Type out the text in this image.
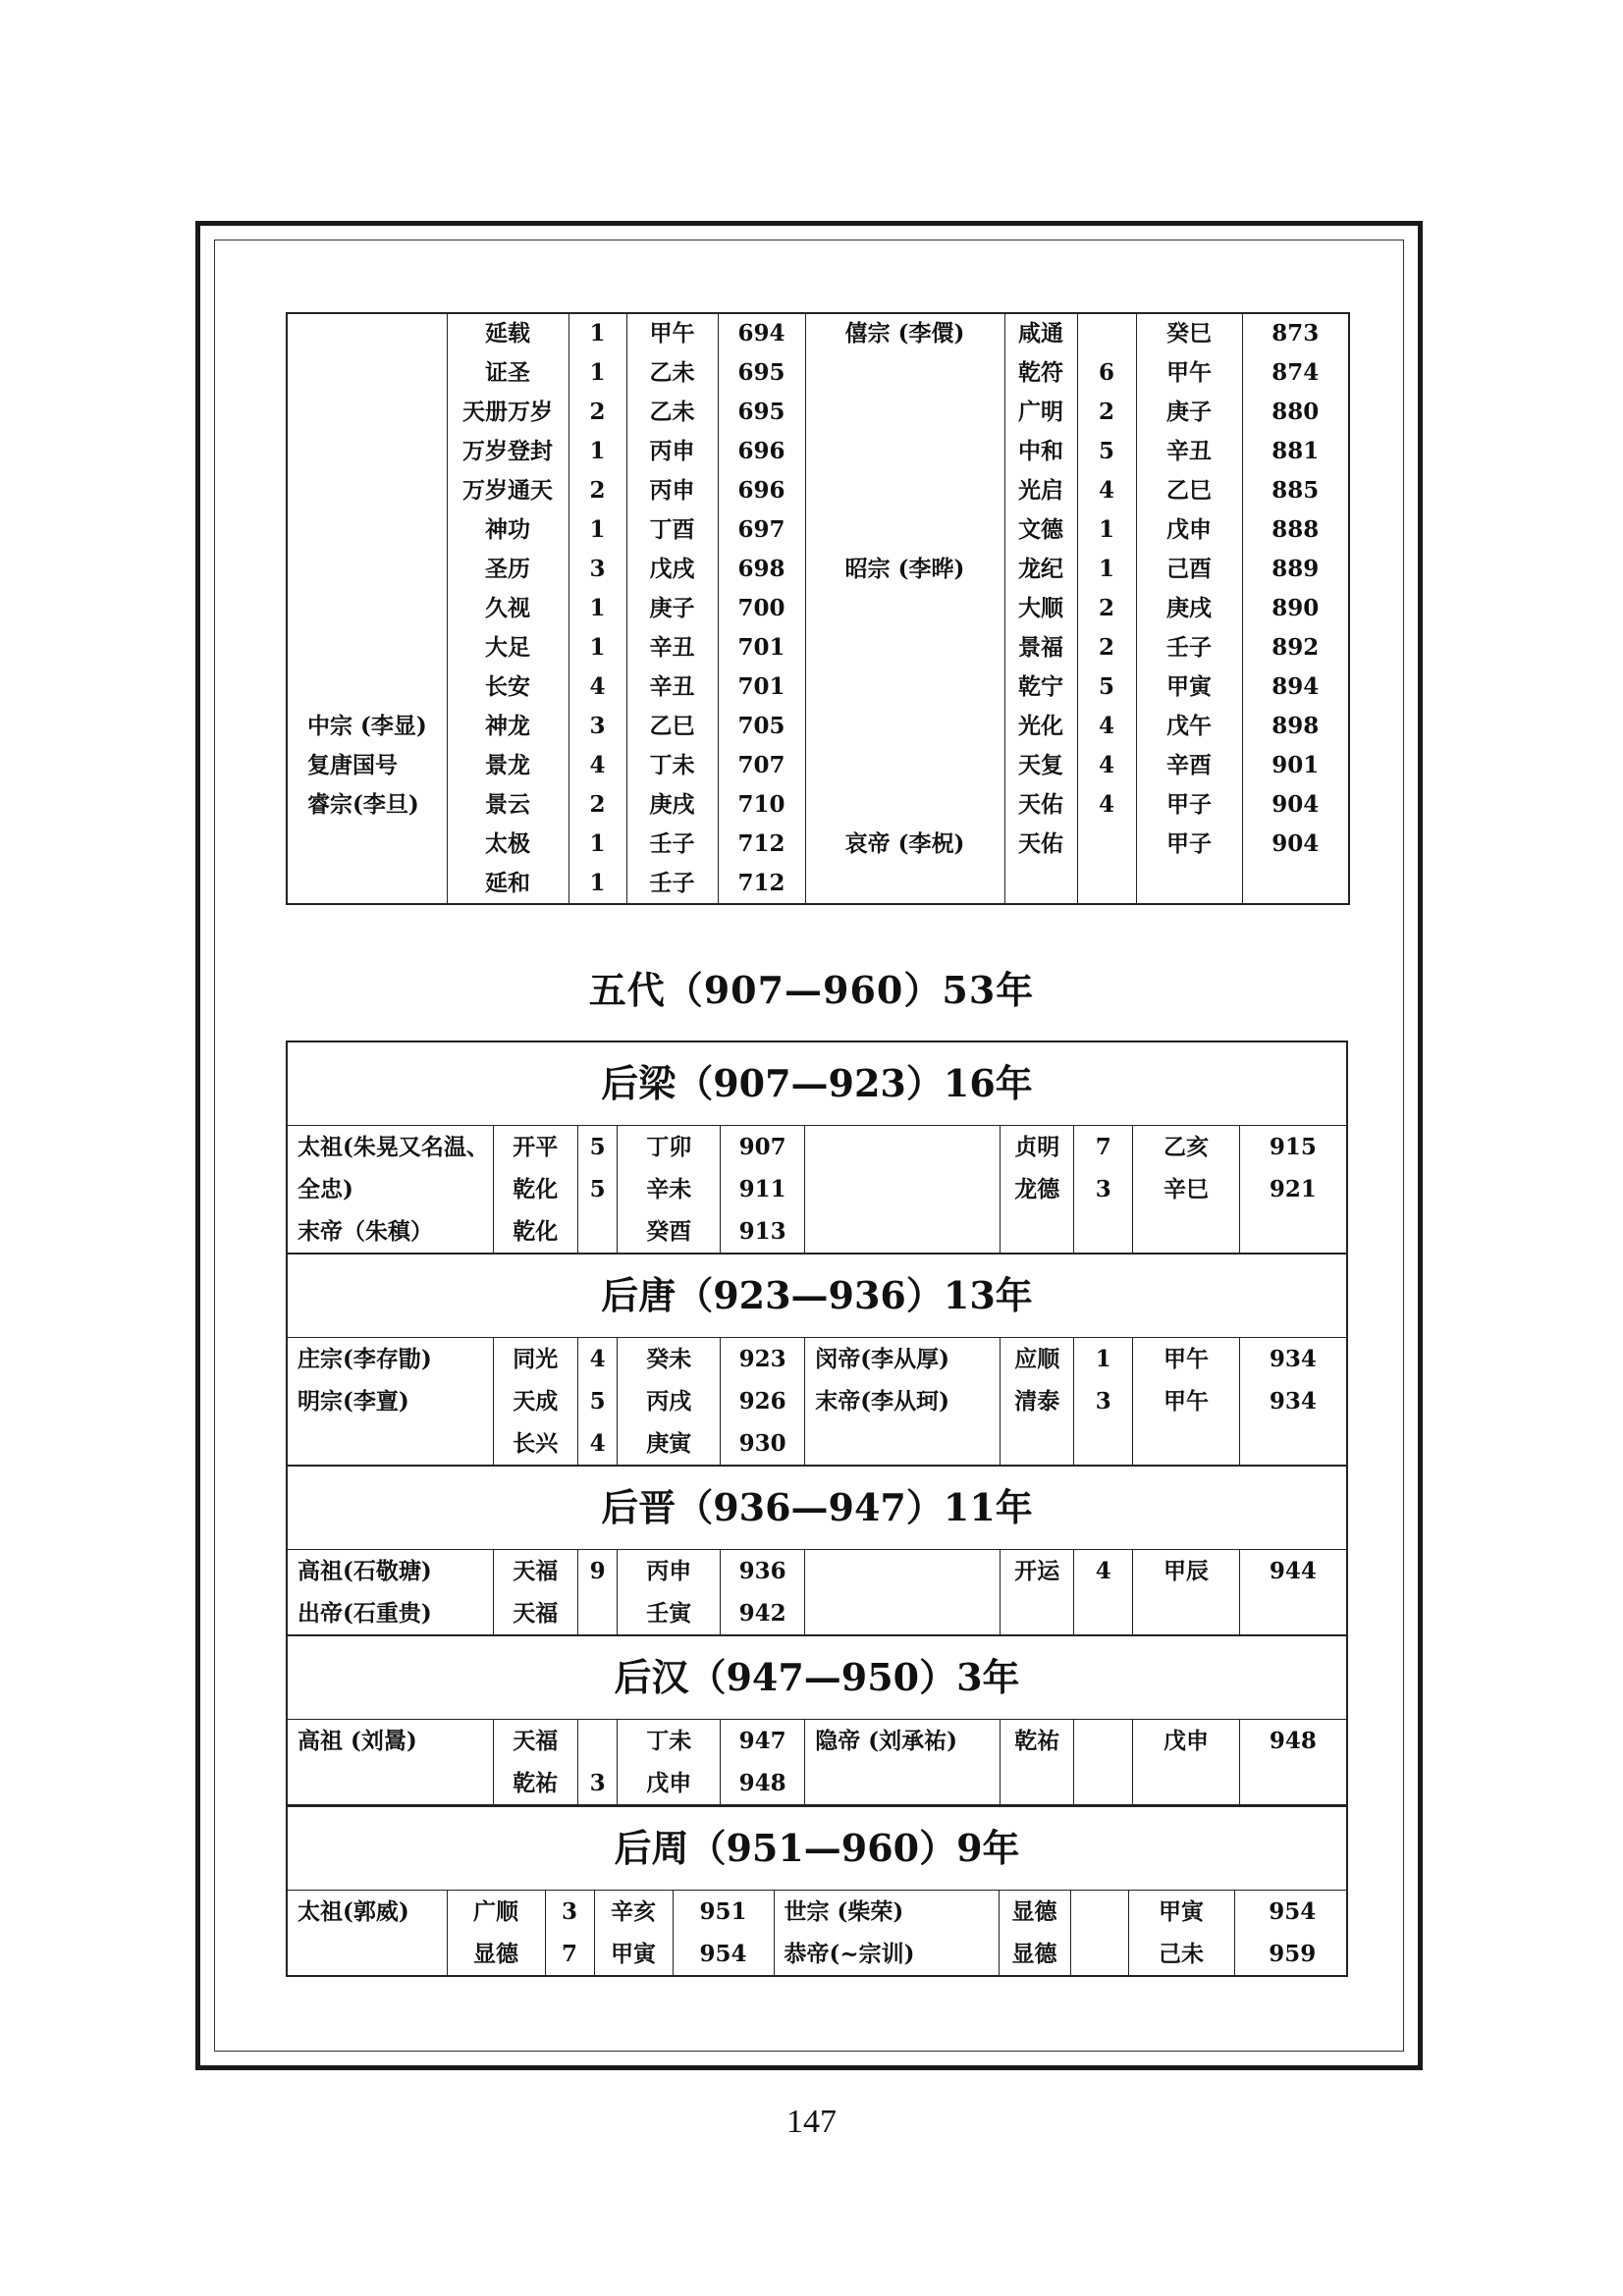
	延载	1	甲午	694	僖宗 (李儇)	咸通		癸巳	873
	证圣	1	乙未	695		乾符	6	甲午	874
	天册万岁	2	乙未	695		广明	2	庚子	880
	万岁登封	1	丙申	696		中和	5	辛丑	881
	万岁通天	2	丙申	696		光启	4	乙巳	885
	神功	1	丁酉	697		文德	1	戊申	888
	圣历	3	戊戌	698	昭宗 (李晔)	龙纪	1	己酉	889
	久视	1	庚子	700		大顺	2	庚戌	890
	大足	1	辛丑	701		景福	2	壬子	892
	长安	4	辛丑	701		乾宁	5	甲寅	894
中宗 (李显)	神龙	3	乙巳	705		光化	4	戊午	898
复唐国号	景龙	4	丁未	707		天复	4	辛酉	901
睿宗(李旦)	景云	2	庚戌	710		天佑	4	甲子	904
	太极	1	壬子	712	哀帝 (李柷)	天佑		甲子	904
	延和	1	壬子	712					
五代（907—960）53年
后梁（907—923）16年
太祖(朱晃又名温、	开平	5	丁卯	907		贞明	7	乙亥	915
全忠)	乾化	5	辛未	911		龙德	3	辛巳	921
末帝（朱稹）	乾化		癸酉	913					
后唐（923—936）13年
庄宗(李存勖)	同光	4	癸未	923	闵帝(李从厚)	应顺	1	甲午	934
明宗(李亶)	天成	5	丙戌	926	末帝(李从珂)	清泰	3	甲午	934
	长兴	4	庚寅	930					
后晋（936—947）11年
高祖(石敬瑭)	天福	9	丙申	936		开运	4	甲辰	944
出帝(石重贵)	天福		壬寅	942					
后汉（947—950）3年
高祖 (刘暠)	天福		丁未	947	隐帝 (刘承祐)	乾祐		戊申	948
	乾祐	3	戊申	948					
后周（951—960）9年
太祖(郭威)	广顺	3	辛亥	951	世宗 (柴荣)	显德		甲寅	954
	显德	7	甲寅	954	恭帝(~宗训)	显德		己未	959
147
